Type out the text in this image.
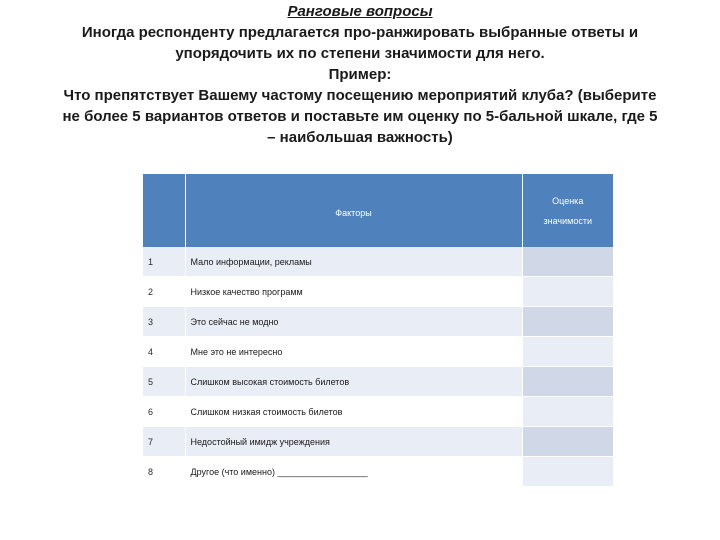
Ранговые вопросы

Иногда респонденту предлагается про-ранжировать выбранные ответы и

упорядочить их по степени значимости для него.

Пример:

Что препятствует Вашему частому посещению мероприятий клуба? (выберите

не более 5 вариантов ответов и поставьте им оценку по 5-бальной шкале, где 5

– наибольшая важность)

	Факторы	Оценка
значимости

1	Мало информации, рекламы	
2	Низкое качество программ	
3	Это сейчас не модно	
4	Мне это не интересно	
5	Слишком высокая стоимость билетов	
6	Слишком низкая стоимость билетов	
7	Недостойный имидж учреждения	
8	Другое (что именно) __________________	
